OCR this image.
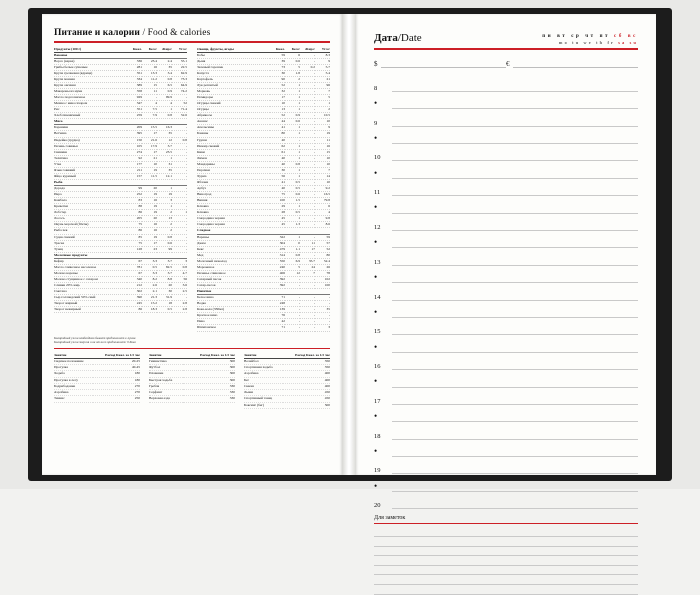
Питание и калории / Food & calories
Продукты (100 г)	Ккал.	Бел.г	Жир.г	Угл.г
Ваканое				
Ворсо (варка)	336	23.4	2.4	55.1
Грибы белые сушеные	281	16	35	22.5
Крупа гречневая (ядрица)	351	13.3	3.4	62.9
Крупа манная	334	11.2	0.8	73.3
Крупа овсяная	389	15	6.5	64.9
Макароны из муки	358	11	0.9	74.2
Масло подсолнечное	929	-	99.9	-
Мешка с киносахаром	347	4	4	52
Рис	351	7.5	1	71.4
Хлеб пшеничный	259	7.9	0.8	52.6
Мясо				
Баранина	209	15.5	16.3	-
Ветчина	395	17	35	-
Индейка (грудка)	150	21.6	12	0.8
Печень говяжья	105	17.9	3.7	-
Свинина	274	17	23.5	-
Телятина	92	21	1	-
Утка	177	10	31	-
Язык говяжий	211	19	35	-
Яйцо куриный	157	11.5	12.1	-
Рыба				
Дорада	99	20	1	-
Икра	252	19	19	-
Камбала	83	16	3	-
Креветки	88	19	1	-
Лобстер	86	19	2	1
Лосось	205	20	13	-
Окунь морской (filеты)	75	16	2	-
Рыба хек	86	16	2	-
Судак свежий	85	19	0.8	-
Треска	75	17	0.6	-
Тунец	128	23	99	-
Молочные продукты				
Кефир	67	3.3	3.7	3
Масло сливочное несоленое	781	0.5	82.5	0.8
Молоко коровье	67	3.3	3.7	4.7
Молоко сгущенное с сахаром	340	8.2	8.8	56
Сливки 20% жир.	212	2.6	20	3.6
Сметана	302	2.1	30	2.5
Сыр голландский 50% смей	390	21.3	31.9	-
Творог жирный	245	15.2	18	2.8
Творог нежирный	86	18.3	0.5	2.8
Овощи, фрукты, ягоды	Ккал.	Бел.г	Жир.г	Угл.г
Бобы	59	6	-	8.3
Дыня	39	0.6	-	9
Зеленый горошек	73	5	0.2	5.7
Капуста	30	1.8	-	5.4
Картофель	90	2	-	21
Лук репчатый	52	1	-	96
Морковь	32	1	-	7
Помидоры	17	1	-	5
Огурцы свежий	10	1	-	1
Огурцы	13	1	-	2
Абрикосы	52	0.9	-	10.5
Ананас	44	0.6	-	10
Апельсины	41	1	-	9
Бананы	80	1	-	19
Груши	40	-	-	11
Инжир свежий	62	1	-	16
Киви	61	1	-	15
Лимон	40	1	-	10
Мандарины	40	0.8	-	10
Персики	30	1	-	7
Хурма	56	1	-	14
Яблоки	41	0.5	-	10
Арбуз	40	0.5	-	9.2
Виноград	75	0.6	-	16.5
Вишня	100	1.5	-	79.8
Клюква	29	1	-	6
Клюква	28	0.5	-	4
Смородина черная	45	1	-	9.8
Смородина черная	45	1.3	-	8.6
Сладкое				
Варенье	322	1	-	59
Джем	304	0	11	57
Кекс	479	1.1	17	52
Мед	314	0.8	-	80
Молочный шоколад	550	6.9	35.7	52.4
Мороженое	240	5	24	26
Печенье сливочное	406	12	7	78
Сахарный песок	392	-	-	102
Сахар-песок	392	-	-	100
Напитки				
Белое вино	71	-	-	-
Водка	248	-	-	-
Кока-кола (330мл)	139	-	-	35
Красное вино	76	-	-	-
Пиво	42	-	-	-
Шампанское	71	-	-	3
Калорийный ужин необходимо бывает предполагает в 4 раза
Калорийный ужин энергия и он от него предполагает: 9 Ккал
Занятие	Расход Ккал. за 1/2 час
Сидячее положение	20-25
Прогулка	40-45
Ходьба	180
Прогулка в лесу	180
Бодрибодание	270
Аэробика	270
Теннис	250
Занятие	Расход Ккал. за 1/2 час
Гимнастика	300
Футбол	300
Плавание	300
Быстрая ходьба	300
Гребля	330
Серфинг	330
Верховая езда	330
Занятие	Расход Ккал. за 1/2 час
Волейбол	350
Спортивная ходьба	350
Аэробика	400
Бег	400
Сквош	400
Лыжи	450
Спортивный танец	450
Боксинг (бег)	500
Дата/Date	пн вт ср чт пт сб вс
mo tu we th fr sa su
$	€
8
•
9
•
10
•
11
•
12
•
13
•
14
•
15
•
16
•
17
•
18
•
19
•
20
Для заметок
